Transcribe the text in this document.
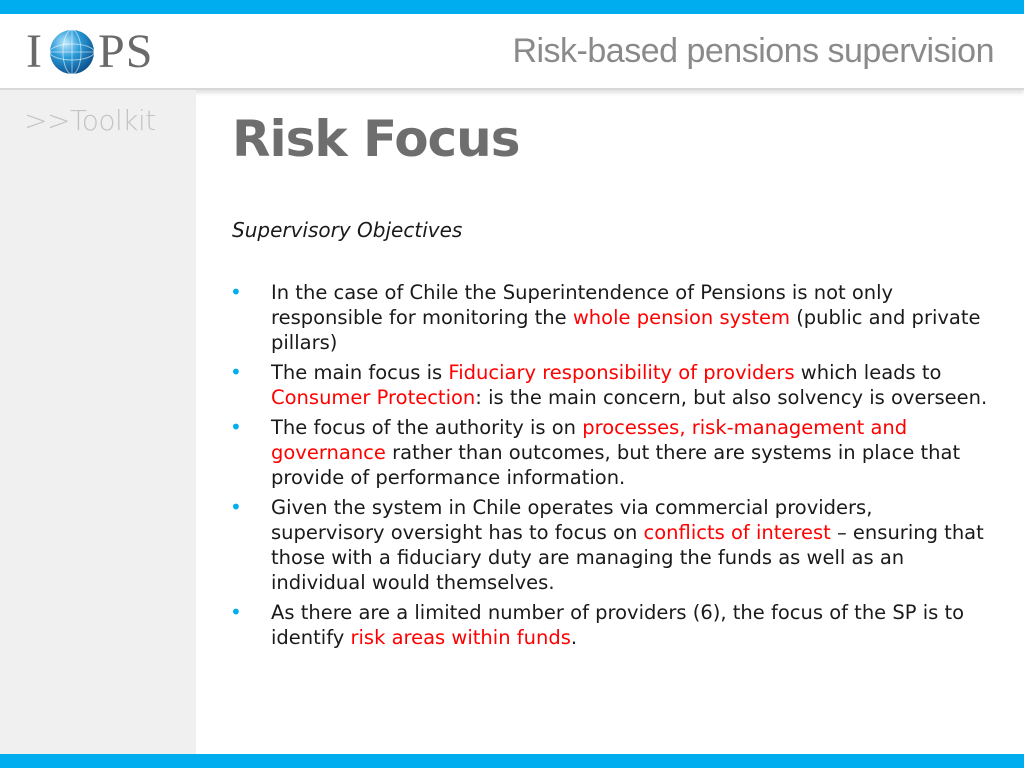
I PS	Risk-based pensions supervision
>>Toolkit Risk Focus
Supervisory Objectives
• In the case of Chile the Superintendence of Pensions is not only responsible for monitoring the whole pension system (public and private pillars)
• The main focus is Fiduciary responsibility of providers which leads to Consumer Protection: is the main concern, but also solvency is overseen.
• The focus of the authority is on processes, risk-management and governance rather than outcomes, but there are systems in place that provide of performance information.
• Given the system in Chile operates via commercial providers, supervisory oversight has to focus on conflicts of interest – ensuring that those with a fiduciary duty are managing the funds as well as an individual would themselves.
• As there are a limited number of providers (6), the focus of the SP is to identify risk areas within funds.
